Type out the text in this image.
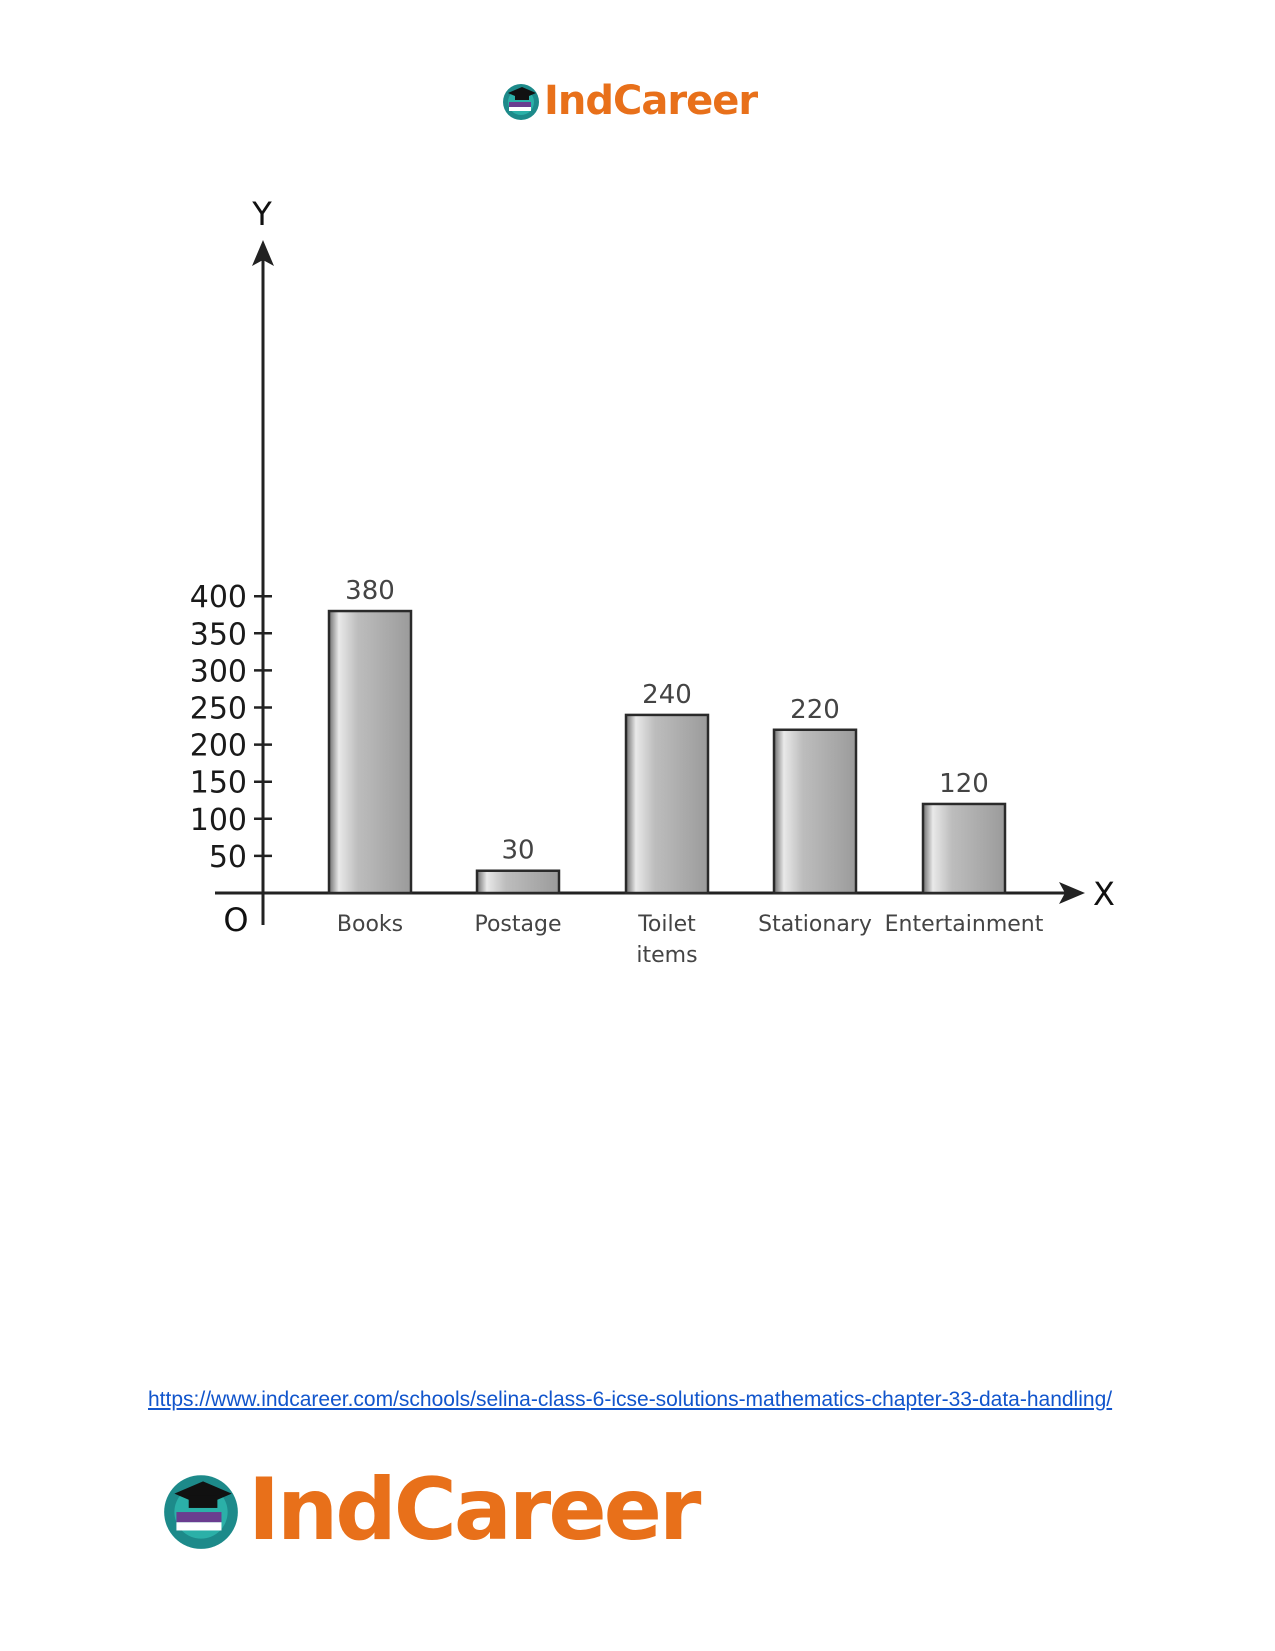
IndCareer
Y
X
O
50
100
150
200
250
300
350
400	380
Books
30
Postage
240
Toilet
items
220
Stationary
120
Entertainment
https://www.indcareer.com/schools/selina-class-6-icse-solutions-mathematics-chapter-33-data-handling/
IndCareer
